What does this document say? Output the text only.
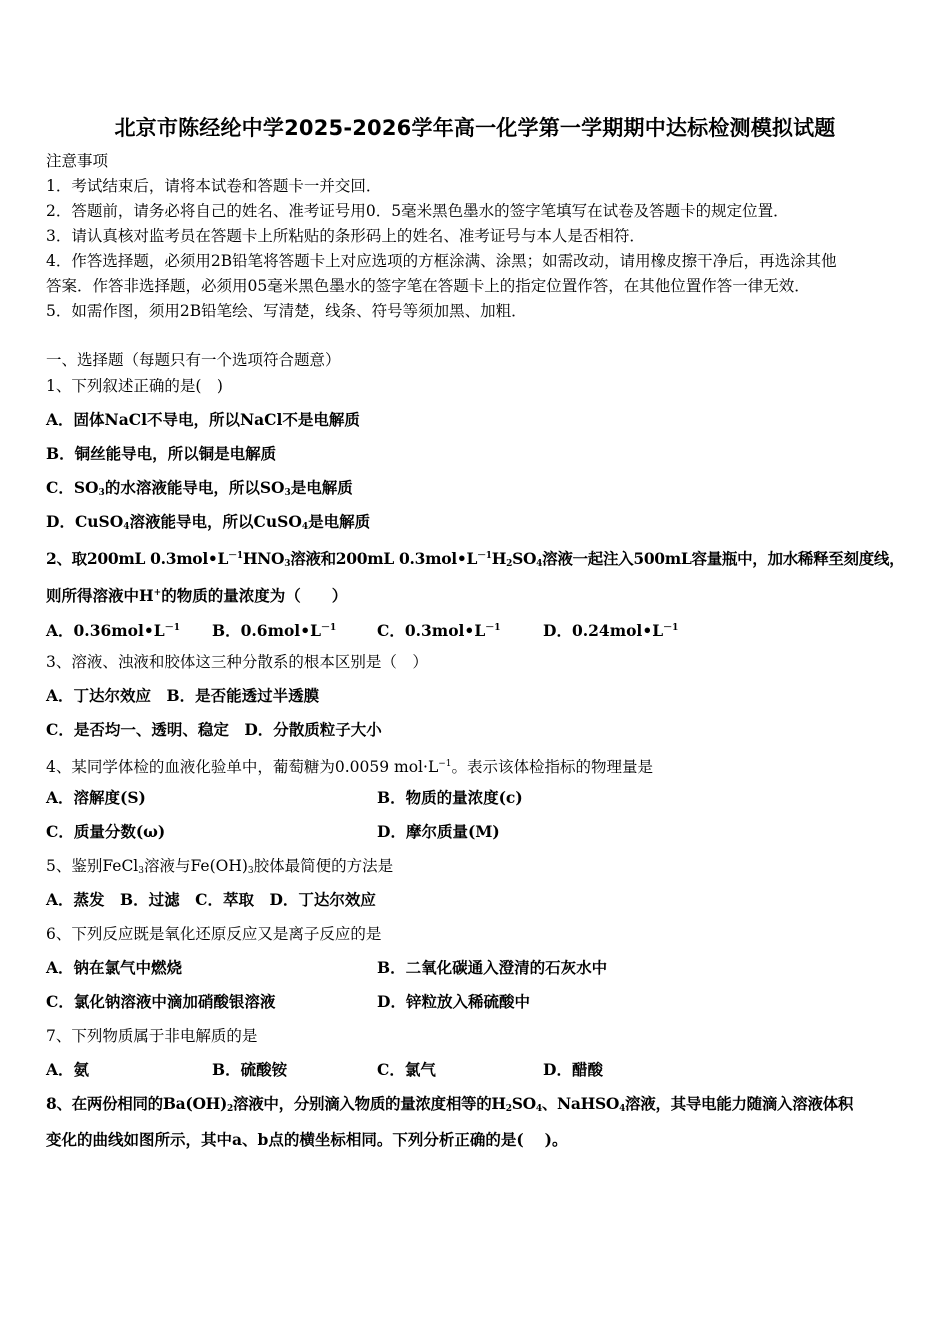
北京市陈经纶中学2025-2026学年高一化学第一学期期中达标检测模拟试题
注意事项
1．考试结束后，请将本试卷和答题卡一并交回．
2．答题前，请务必将自己的姓名、准考证号用0．5毫米黑色墨水的签字笔填写在试卷及答题卡的规定位置．
3．请认真核对监考员在答题卡上所粘贴的条形码上的姓名、准考证号与本人是否相符．
4．作答选择题，必须用2B铅笔将答题卡上对应选项的方框涂满、涂黑；如需改动，请用橡皮擦干净后，再选涂其他
答案．作答非选择题，必须用05毫米黑色墨水的签字笔在答题卡上的指定位置作答，在其他位置作答一律无效．
5．如需作图，须用2B铅笔绘、写清楚，线条、符号等须加黑、加粗．
一、选择题（每题只有一个选项符合题意）
1、下列叙述正确的是(　)
A．固体NaCl不导电，所以NaCl不是电解质
B．铜丝能导电，所以铜是电解质
C．$SO_3$的水溶液能导电，所以$SO_3$是电解质
D．CuSO$_4$溶液能导电，所以CuSO$_4$是电解质
2、取200mL $0.3mol•L^{-1}HNO_3$溶液和200mL $0.3mol•L^{-1}H_2SO_4$溶液一起注入500mL容量瓶中，加水稀释至刻度线，
则所得溶液中H+的物质的量浓度为（　　）
A．$0.36mol•L^{-1}$ B．$0.6mol•L^{-1}$	C．$0.3mol•L^{-1}$	D．$0.24mol•L^{-1}$
3、溶液、浊液和胶体这三种分散系的根本区别是（　）
A．丁达尔效应　B．是否能透过半透膜
C．是否均一、透明、稳定　D．分散质粒子大小
4、某同学体检的血液化验单中，葡萄糖为0.0059 $mol\cdot L^{-1}$。表示该体检指标的物理量是
A．溶解度(S)	B．物质的量浓度(c)
C．质量分数(ω)	D．摩尔质量(M)
5、鉴别FeCl$_3$溶液与$Fe(OH)_3$胶体最简便的方法是
A．蒸发　B．过滤　C．萃取　D．丁达尔效应
6、下列反应既是氧化还原反应又是离子反应的是
A．钠在氯气中燃烧	B．二氧化碳通入澄清的石灰水中
C．氯化钠溶液中滴加硝酸银溶液	D．锌粒放入稀硫酸中
7、下列物质属于非电解质的是
A．氨	B．硫酸铵	C．氯气	D．醋酸
8、在两份相同的$Ba(OH)_2$溶液中，分别滴入物质的量浓度相等的$H_2SO_4$、NaHSO$_4$溶液，其导电能力随滴入溶液体积
变化的曲线如图所示，其中a、b点的横坐标相同。下列分析正确的是(　 )。
